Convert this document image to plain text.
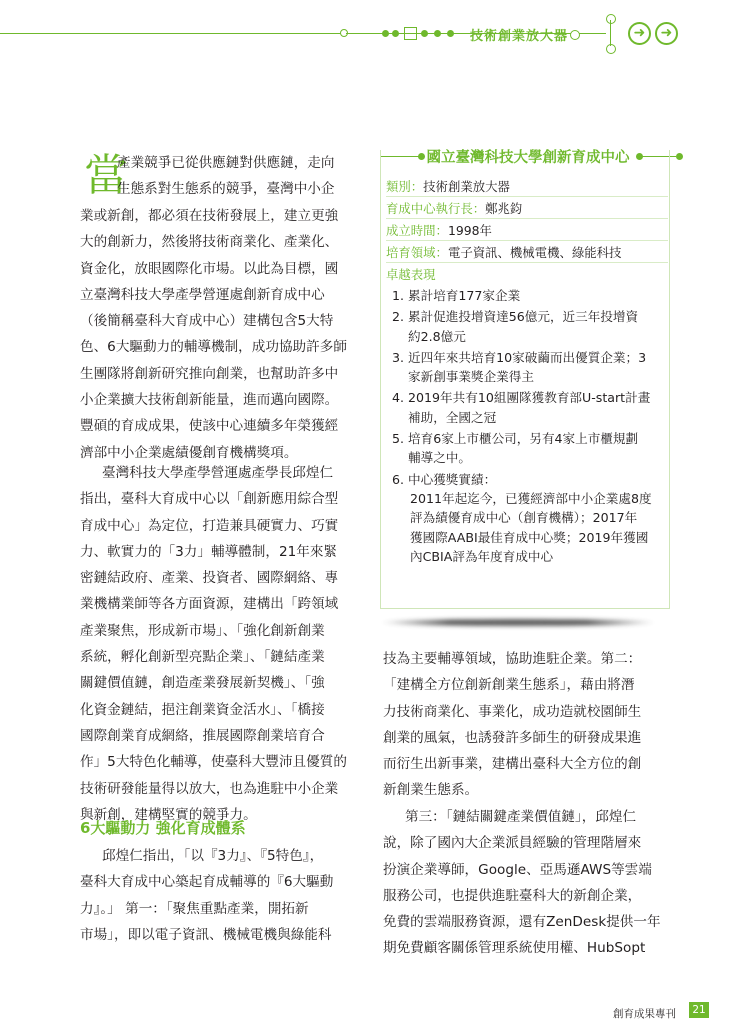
技術創業放大器	➜	➜
當
產業競爭已從供應鏈對供應鏈，走向
生態系對生態系的競爭，臺灣中小企
業或新創，都必須在技術發展上，建立更強
大的創新力，然後將技術商業化、產業化、
資金化，放眼國際化市場。以此為目標，國
立臺灣科技大學產學營運處創新育成中心
（後簡稱臺科大育成中心）建構包含5大特
色、6大驅動力的輔導機制，成功協助許多師
生團隊將創新研究推向創業，也幫助許多中
小企業擴大技術創新能量，進而邁向國際。
豐碩的育成成果，使該中心連續多年榮獲經
濟部中小企業處績優創育機構獎項。
臺灣科技大學產學營運處產學長邱煌仁
指出，臺科大育成中心以「創新應用綜合型
育成中心」為定位，打造兼具硬實力、巧實
力、軟實力的「3力」輔導體制，21年來緊
密鏈結政府、產業、投資者、國際網絡、專
業機構業師等各方面資源，建構出「跨領域
產業聚焦，形成新市場」、「強化創新創業
系統，孵化創新型亮點企業」、「鏈結產業
關鍵價值鏈，創造產業發展新契機」、「強
化資金鏈結，挹注創業資金活水」、「橋接
國際創業育成網絡，推展國際創業培育合
作」5大特色化輔導，使臺科大豐沛且優質的
技術研發能量得以放大，也為進駐中小企業
與新創，建構堅實的競爭力。
6大驅動力 強化育成體系
邱煌仁指出，「以『3力』、『5特色』，
臺科大育成中心築起育成輔導的『6大驅動
力』。」 第一：「聚焦重點產業，開拓新
市場」，即以電子資訊、機械電機與綠能科
國立臺灣科技大學創新育成中心
類別：技術創業放大器
育成中心執行長：鄭兆鈞
成立時間：1998年
培育領域：電子資訊、機械電機、綠能科技
卓越表現
1. 累計培育177家企業
2. 累計促進投增資達56億元，近三年投增資
約2.8億元
3. 近四年來共培育10家破繭而出優質企業；3
家新創事業獎企業得主
4. 2019年共有10組團隊獲教育部U-start計畫
補助，全國之冠
5. 培育6家上市櫃公司，另有4家上市櫃規劃
輔導之中。
6. 中心獲獎實績：
2011年起迄今，已獲經濟部中小企業處8度
評為績優育成中心（創育機構）；2017年
獲國際AABI最佳育成中心獎；2019年獲國
內CBIA評為年度育成中心
技為主要輔導領域，協助進駐企業。第二：
「建構全方位創新創業生態系」，藉由將潛
力技術商業化、事業化，成功造就校園師生
創業的風氣，也誘發許多師生的研發成果進
而衍生出新事業，建構出臺科大全方位的創
新創業生態系。
第三：「鏈結關鍵產業價值鏈」，邱煌仁
說，除了國內大企業派員經驗的管理階層來
扮演企業導師，Google、亞馬遜AWS等雲端
服務公司，也提供進駐臺科大的新創企業，
免費的雲端服務資源，還有ZenDesk提供一年
期免費顧客關係管理系統使用權、HubSopt
創育成果專刊	21
